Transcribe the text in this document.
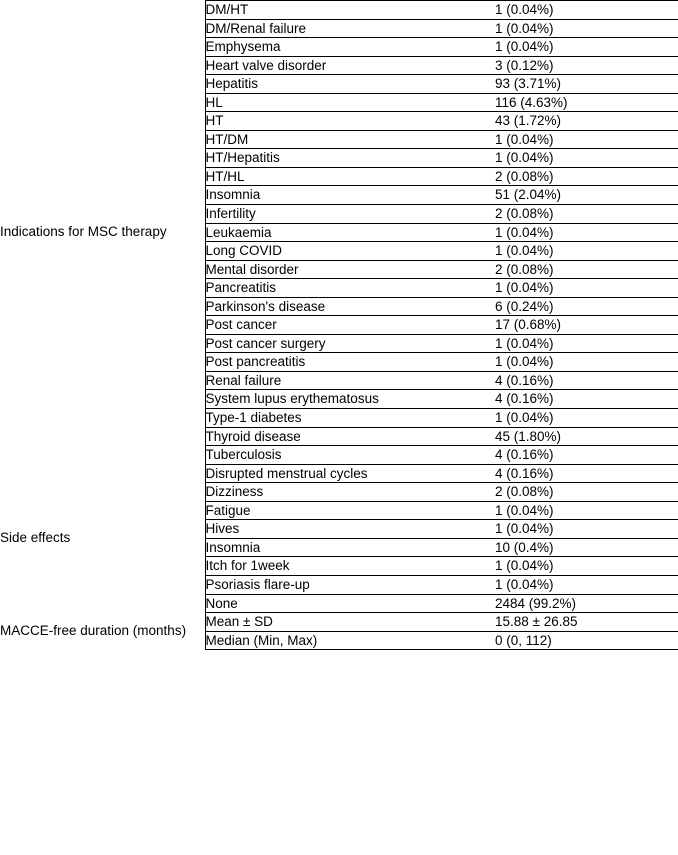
Indications for MSC therapy	DM/HT	1 (0.04%)
	DM/Renal failure	1 (0.04%)
	Emphysema	1 (0.04%)
	Heart valve disorder	3 (0.12%)
	Hepatitis	93 (3.71%)
	HL	116 (4.63%)
	HT	43 (1.72%)
	HT/DM	1 (0.04%)
	HT/Hepatitis	1 (0.04%)
	HT/HL	2 (0.08%)
	Insomnia	51 (2.04%)
	Infertility	2 (0.08%)
	Leukaemia	1 (0.04%)
	Long COVID	1 (0.04%)
	Mental disorder	2 (0.08%)
	Pancreatitis	1 (0.04%)
	Parkinson's disease	6 (0.24%)
	Post cancer	17 (0.68%)
	Post cancer surgery	1 (0.04%)
	Post pancreatitis	1 (0.04%)
	Renal failure	4 (0.16%)
	System lupus erythematosus	4 (0.16%)
	Type-1 diabetes	1 (0.04%)
	Thyroid disease	45 (1.80%)
	Tuberculosis	4 (0.16%)
Side effects	Disrupted menstrual cycles	4 (0.16%)
	Dizziness	2 (0.08%)
	Fatigue	1 (0.04%)
	Hives	1 (0.04%)
	Insomnia	10 (0.4%)
	Itch for 1week	1 (0.04%)
	Psoriasis flare-up	1 (0.04%)
	None	2484 (99.2%)
MACCE-free duration (months)	Mean ± SD	15.88 ± 26.85
	Median (Min, Max)	0 (0, 112)
